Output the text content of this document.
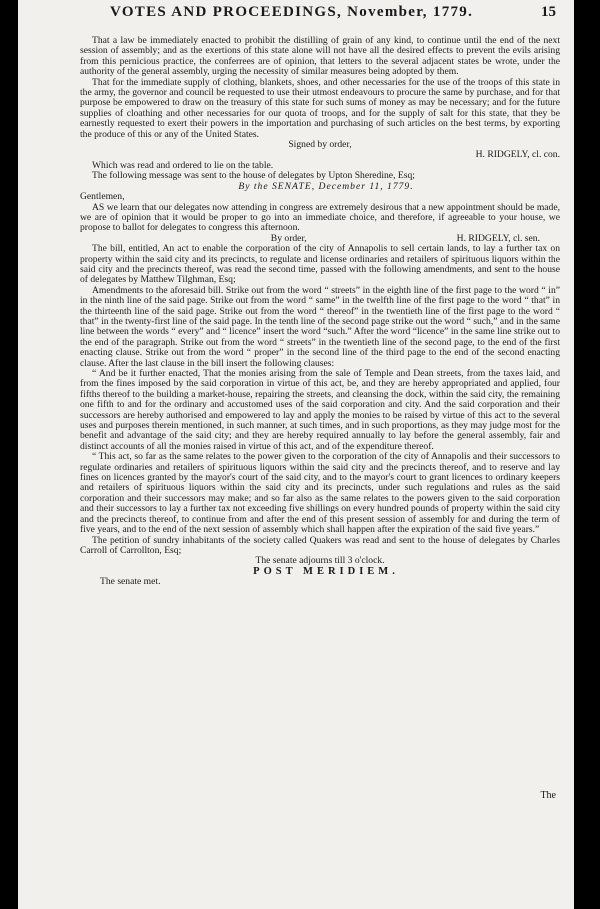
VOTES AND PROCEEDINGS, November, 1779.	15

That a law be immediately enacted to prohibit the distilling of grain of any kind, to continue until the end of the next session of assembly; and as the exertions of this state alone will not have all the desired effects to prevent the evils arising from this pernicious practice, the conferrees are of opinion, that letters to the several adjacent states be wrote, under the authority of the general assembly, urging the necessity of similar measures being adopted by them.

That for the immediate supply of clothing, blankets, shoes, and other necessaries for the use of the troops of this state in the army, the governor and council be requested to use their utmost endeavours to procure the same by purchase, and for that purpose be empowered to draw on the treasury of this state for such sums of money as may be necessary; and for the future supplies of cloathing and other necessaries for our quota of troops, and for the supply of salt for this state, that they be earnestly requested to exert their powers in the importation and purchasing of such articles on the best terms, by exporting the produce of this or any of the United States.

Signed by order,

H. RIDGELY, cl. con.

Which was read and ordered to lie on the table.

The following message was sent to the house of delegates by Upton Sheredine, Esq;

By the SENATE, December 11, 1779.

Gentlemen,

AS we learn that our delegates now attending in congress are extremely desirous that a new appointment should be made, we are of opinion that it would be proper to go into an immediate choice, and therefore, if agreeable to your house, we propose to ballot for delegates to congress this afternoon.

By order,	H. RIDGELY, cl. sen.

The bill, entitled, An act to enable the corporation of the city of Annapolis to sell certain lands, to lay a further tax on property within the said city and its precincts, to regulate and license ordinaries and retailers of spirituous liquors within the said city and the precincts thereof, was read the second time, passed with the following amendments, and sent to the house of delegates by Matthew Tilghman, Esq;

Amendments to the aforesaid bill. Strike out from the word “ streets” in the eighth line of the first page to the word “ in” in the ninth line of the said page. Strike out from the word “ same” in the twelfth line of the first page to the word “ that” in the thirteenth line of the said page. Strike out from the word “ thereof” in the twentieth line of the first page to the word “ that” in the twenty-first line of the said page. In the tenth line of the second page strike out the word “ such,” and in the same line between the words “ every” and “ licence” insert the word “such.” After the word “licence” in the same line strike out to the end of the paragraph. Strike out from the word “ streets” in the twentieth line of the second page, to the end of the first enacting clause. Strike out from the word “ proper” in the second line of the third page to the end of the second enacting clause. After the last clause in the bill insert the following clauses:

“ And be it further enacted, That the monies arising from the sale of Temple and Dean streets, from the taxes laid, and from the fines imposed by the said corporation in virtue of this act, be, and they are hereby appropriated and applied, four fifths thereof to the building a market-house, repairing the streets, and cleansing the dock, within the said city, the remaining one fifth to and for the ordinary and accustomed uses of the said corporation and city. And the said corporation and their successors are hereby authorised and empowered to lay and apply the monies to be raised by virtue of this act to the several uses and purposes therein mentioned, in such manner, at such times, and in such proportions, as they may judge most for the benefit and advantage of the said city; and they are hereby required annually to lay before the general assembly, fair and distinct accounts of all the monies raised in virtue of this act, and of the expenditure thereof.

“ This act, so far as the same relates to the power given to the corporation of the city of Annapolis and their successors to regulate ordinaries and retailers of spirituous liquors within the said city and the precincts thereof, and to reserve and lay fines on licences granted by the mayor's court of the said city, and to the mayor's court to grant licences to ordinary keepers and retailers of spirituous liquors within the said city and its precincts, under such regulations and rules as the said corporation and their successors may make; and so far also as the same relates to the powers given to the said corporation and their successors to lay a further tax not exceeding five shillings on every hundred pounds of property within the said city and the precincts thereof, to continue from and after the end of this present session of assembly for and during the term of five years, and to the end of the next session of assembly which shall happen after the expiration of the said five years.”

The petition of sundry inhabitants of the society called Quakers was read and sent to the house of delegates by Charles Carroll of Carrollton, Esq;

The senate adjourns till 3 o'clock.

POST MERIDIEM.

The senate met.

The
